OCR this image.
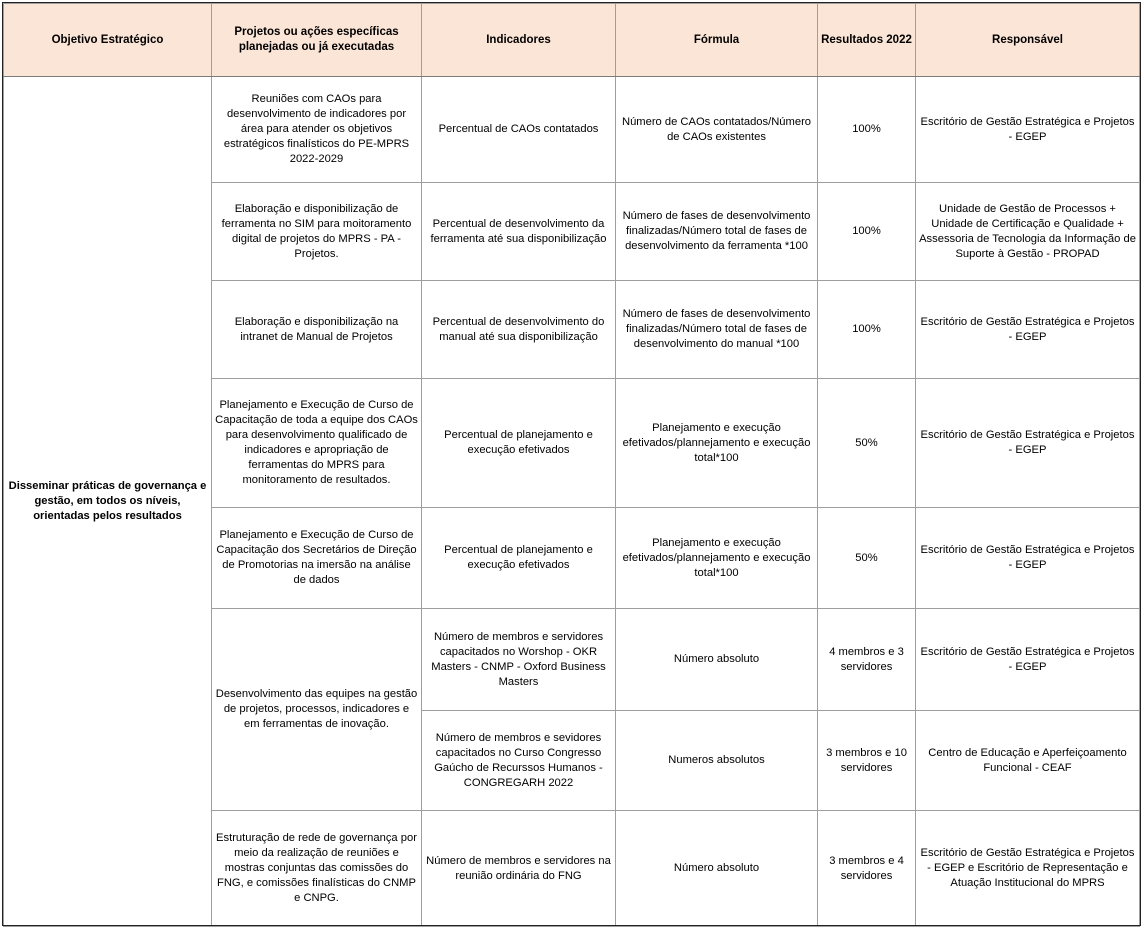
Objetivo Estratégico	Projetos ou ações específicas planejadas ou já executadas	Indicadores	Fórmula	Resultados 2022	Responsável
Disseminar práticas de governança e gestão, em todos os níveis, orientadas pelos resultados	Reuniões com CAOs para desenvolvimento de indicadores por área para atender os objetivos estratégicos finalísticos do PE-MPRS 2022-2029	Percentual de CAOs contatados	Número de CAOs contatados/Número de CAOs existentes	100%	Escritório de Gestão Estratégica e Projetos - EGEP
	Elaboração e disponibilização de ferramenta no SIM para moitoramento digital de projetos do MPRS - PA - Projetos.	Percentual de desenvolvimento da ferramenta até sua disponibilização	Número de fases de desenvolvimento finalizadas/Número total de fases de desenvolvimento da ferramenta *100	100%	Unidade de Gestão de Processos + Unidade de Certificação e Qualidade + Assessoria de Tecnologia da Informação de Suporte à Gestão - PROPAD
	Elaboração e disponibilização na intranet de Manual de Projetos	Percentual de desenvolvimento do manual até sua disponibilização	Número de fases de desenvolvimento finalizadas/Número total de fases de desenvolvimento do manual *100	100%	Escritório de Gestão Estratégica e Projetos - EGEP
	Planejamento e Execução de Curso de Capacitação de toda a equipe dos CAOs para desenvolvimento qualificado de indicadores e apropriação de ferramentas do MPRS para monitoramento de resultados.	Percentual de planejamento e execução efetivados	Planejamento e execução efetivados/plannejamento e execução total*100	50%	Escritório de Gestão Estratégica e Projetos - EGEP
	Planejamento e Execução de Curso de Capacitação dos Secretários de Direção de Promotorias na imersão na análise de dados	Percentual de planejamento e execução efetivados	Planejamento e execução efetivados/plannejamento e execução total*100	50%	Escritório de Gestão Estratégica e Projetos - EGEP
	Desenvolvimento das equipes na gestão de projetos, processos, indicadores e em ferramentas de inovação.	Número de membros e servidores capacitados no Worshop - OKR Masters - CNMP - Oxford Business Masters	Número absoluto	4 membros e 3 servidores	Escritório de Gestão Estratégica e Projetos - EGEP
		Número de membros e sevidores capacitados no Curso Congresso Gaúcho de Recurssos Humanos - CONGREGARH 2022	Numeros absolutos	3 membros e 10 servidores	Centro de Educação e Aperfeiçoamento Funcional - CEAF
	Estruturação de rede de governança por meio da realização de reuniões e mostras conjuntas das comissões do FNG, e comissões finalísticas do CNMP e CNPG.	Número de membros e servidores na reunião ordinária do FNG	Número absoluto	3 membros e 4 servidores	Escritório de Gestão Estratégica e Projetos - EGEP e Escritório de Representação e Atuação Institucional do MPRS
